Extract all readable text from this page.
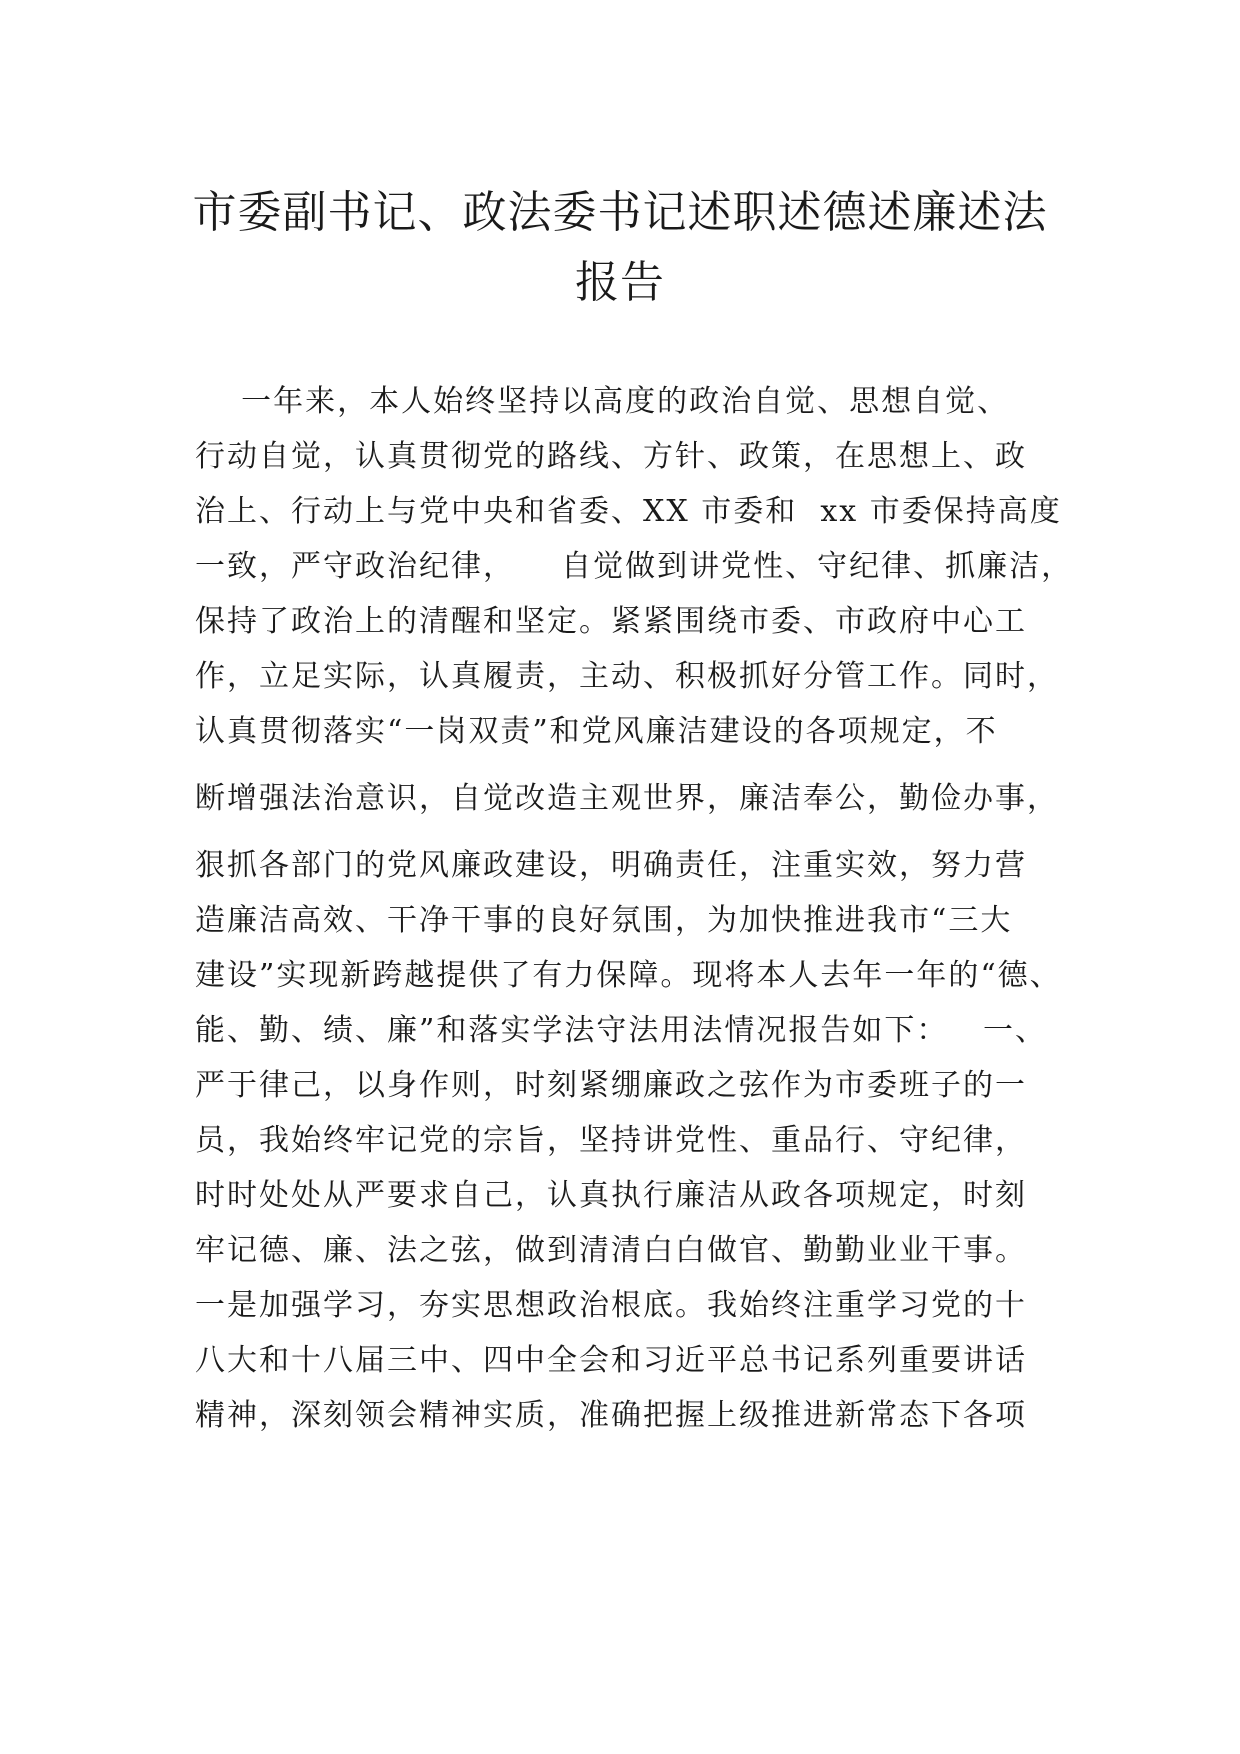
市委副书记、政法委书记述职述德述廉述法
报告
一年来，本人始终坚持以高度的政治自觉、思想自觉、
行动自觉，认真贯彻党的路线、方针、政策，在思想上、政
治上、行动上与党中央和省委、XX 市委和  xx 市委保持高度
一致，严守政治纪律，    自觉做到讲党性、守纪律、抓廉洁，
保持了政治上的清醒和坚定。紧紧围绕市委、市政府中心工
作，立足实际，认真履责，主动、积极抓好分管工作。同时，
认真贯彻落实“一岗双责”和党风廉洁建设的各项规定，不
断增强法治意识，自觉改造主观世界，廉洁奉公，勤俭办事，
狠抓各部门的党风廉政建设，明确责任，注重实效，努力营
造廉洁高效、干净干事的良好氛围，为加快推进我市“三大
建设”实现新跨越提供了有力保障。现将本人去年一年的“德、
能、勤、绩、廉”和落实学法守法用法情况报告如下：   一、
严于律己，以身作则，时刻紧绷廉政之弦作为市委班子的一
员，我始终牢记党的宗旨，坚持讲党性、重品行、守纪律，
时时处处从严要求自己，认真执行廉洁从政各项规定，时刻
牢记德、廉、法之弦，做到清清白白做官、勤勤业业干事。
一是加强学习，夯实思想政治根底。我始终注重学习党的十
八大和十八届三中、四中全会和习近平总书记系列重要讲话
精神，深刻领会精神实质，准确把握上级推进新常态下各项
